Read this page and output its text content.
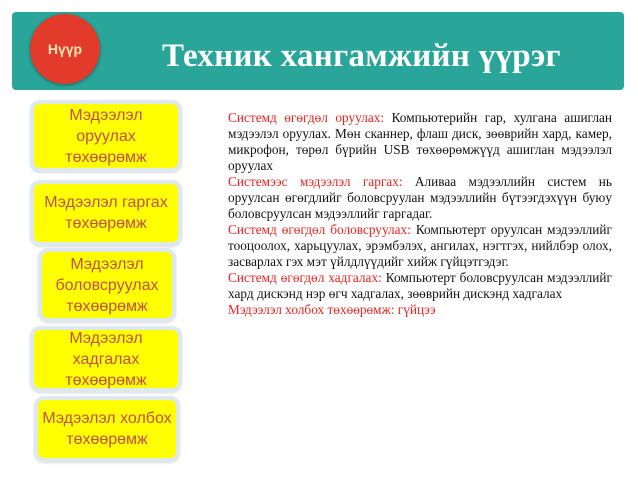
Техник хангамжийн үүрэг
Нүүр
Мэдээлэл оруулах төхөөрөмж
Мэдээлэл гаргах төхөөрөмж
Мэдээлэл боловсруулах төхөөрөмж
Мэдээлэл хадгалах төхөөрөмж
Мэдээлэл холбох төхөөрөмж

Системд өгөгдөл оруулах: Компьютерийн гар, хулгана ашиглан мэдээлэл оруулах. Мөн сканнер, флаш диск, зөөврийн хард, камер, микрофон, төрөл бүрийн USB төхөөрөмжүүд ашиглан мэдээлэл оруулах

Системээс мэдээлэл гаргах: Аливаа мэдээллийн систем нь оруулсан өгөгдлийг боловсруулан мэдээллийн бүтээгдэхүүн буюу боловсруулсан мэдээллийг гаргадаг.

Системд өгөгдөл боловсруулах: Компьютерт оруулсан мэдээллийг тооцоолох, харьцуулах, эрэмбэлэх, ангилах, нэгтгэх, нийлбэр олох, засварлах гэх мэт үйлдлүүдийг хийж гүйцэтгэдэг.

Системд өгөгдөл хадгалах: Компьютерт боловсруулсан мэдээллийг хард дискэнд нэр өгч хадгалах, зөөврийн дискэнд хадгалах

Мэдээлэл холбох төхөөрөмж: гүйцээ
